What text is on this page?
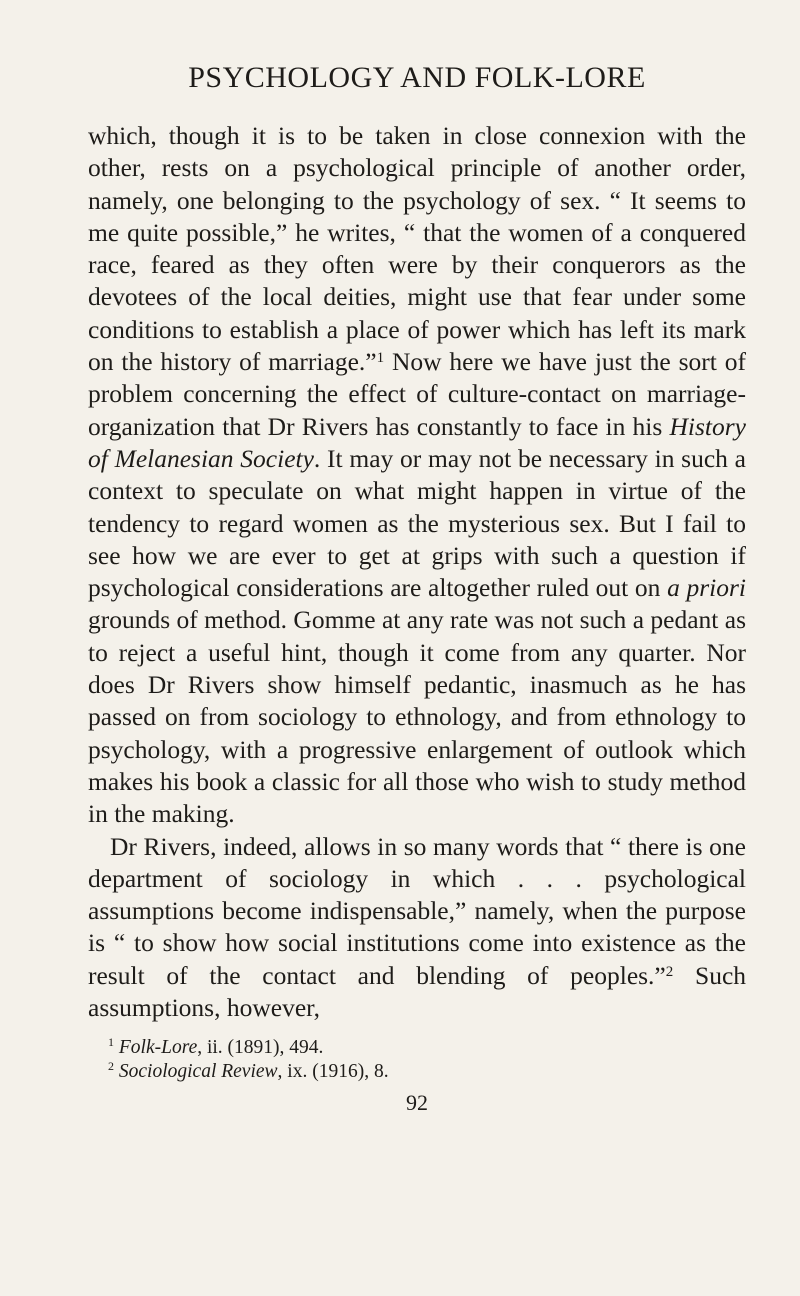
PSYCHOLOGY AND FOLK-LORE

which, though it is to be taken in close connexion with the other, rests on a psychological principle of another order, namely, one belonging to the psychology of sex. “ It seems to me quite possible,” he writes, “ that the women of a conquered race, feared as they often were by their conquerors as the devotees of the local deities, might use that fear under some conditions to establish a place of power which has left its mark on the history of marriage.”$^1$ Now here we have just the sort of problem concerning the effect of culture-contact on marriage-organization that Dr Rivers has constantly to face in his History of Melanesian Society. It may or may not be necessary in such a context to speculate on what might happen in virtue of the tendency to regard women as the mysterious sex. But I fail to see how we are ever to get at grips with such a question if psychological considerations are altogether ruled out on a priori grounds of method. Gomme at any rate was not such a pedant as to reject a useful hint, though it come from any quarter. Nor does Dr Rivers show himself pedantic, inasmuch as he has passed on from sociology to ethnology, and from ethnology to psychology, with a progressive enlargement of outlook which makes his book a classic for all those who wish to study method in the making.

Dr Rivers, indeed, allows in so many words that “ there is one department of sociology in which . . . psychological assumptions become indispensable,” namely, when the purpose is “ to show how social institutions come into existence as the result of the contact and blending of peoples.”$^2$ Such assumptions, however,

$^1$ Folk-Lore, ii. (1891), 494.

$^2$ Sociological Review, ix. (1916), 8.

92
